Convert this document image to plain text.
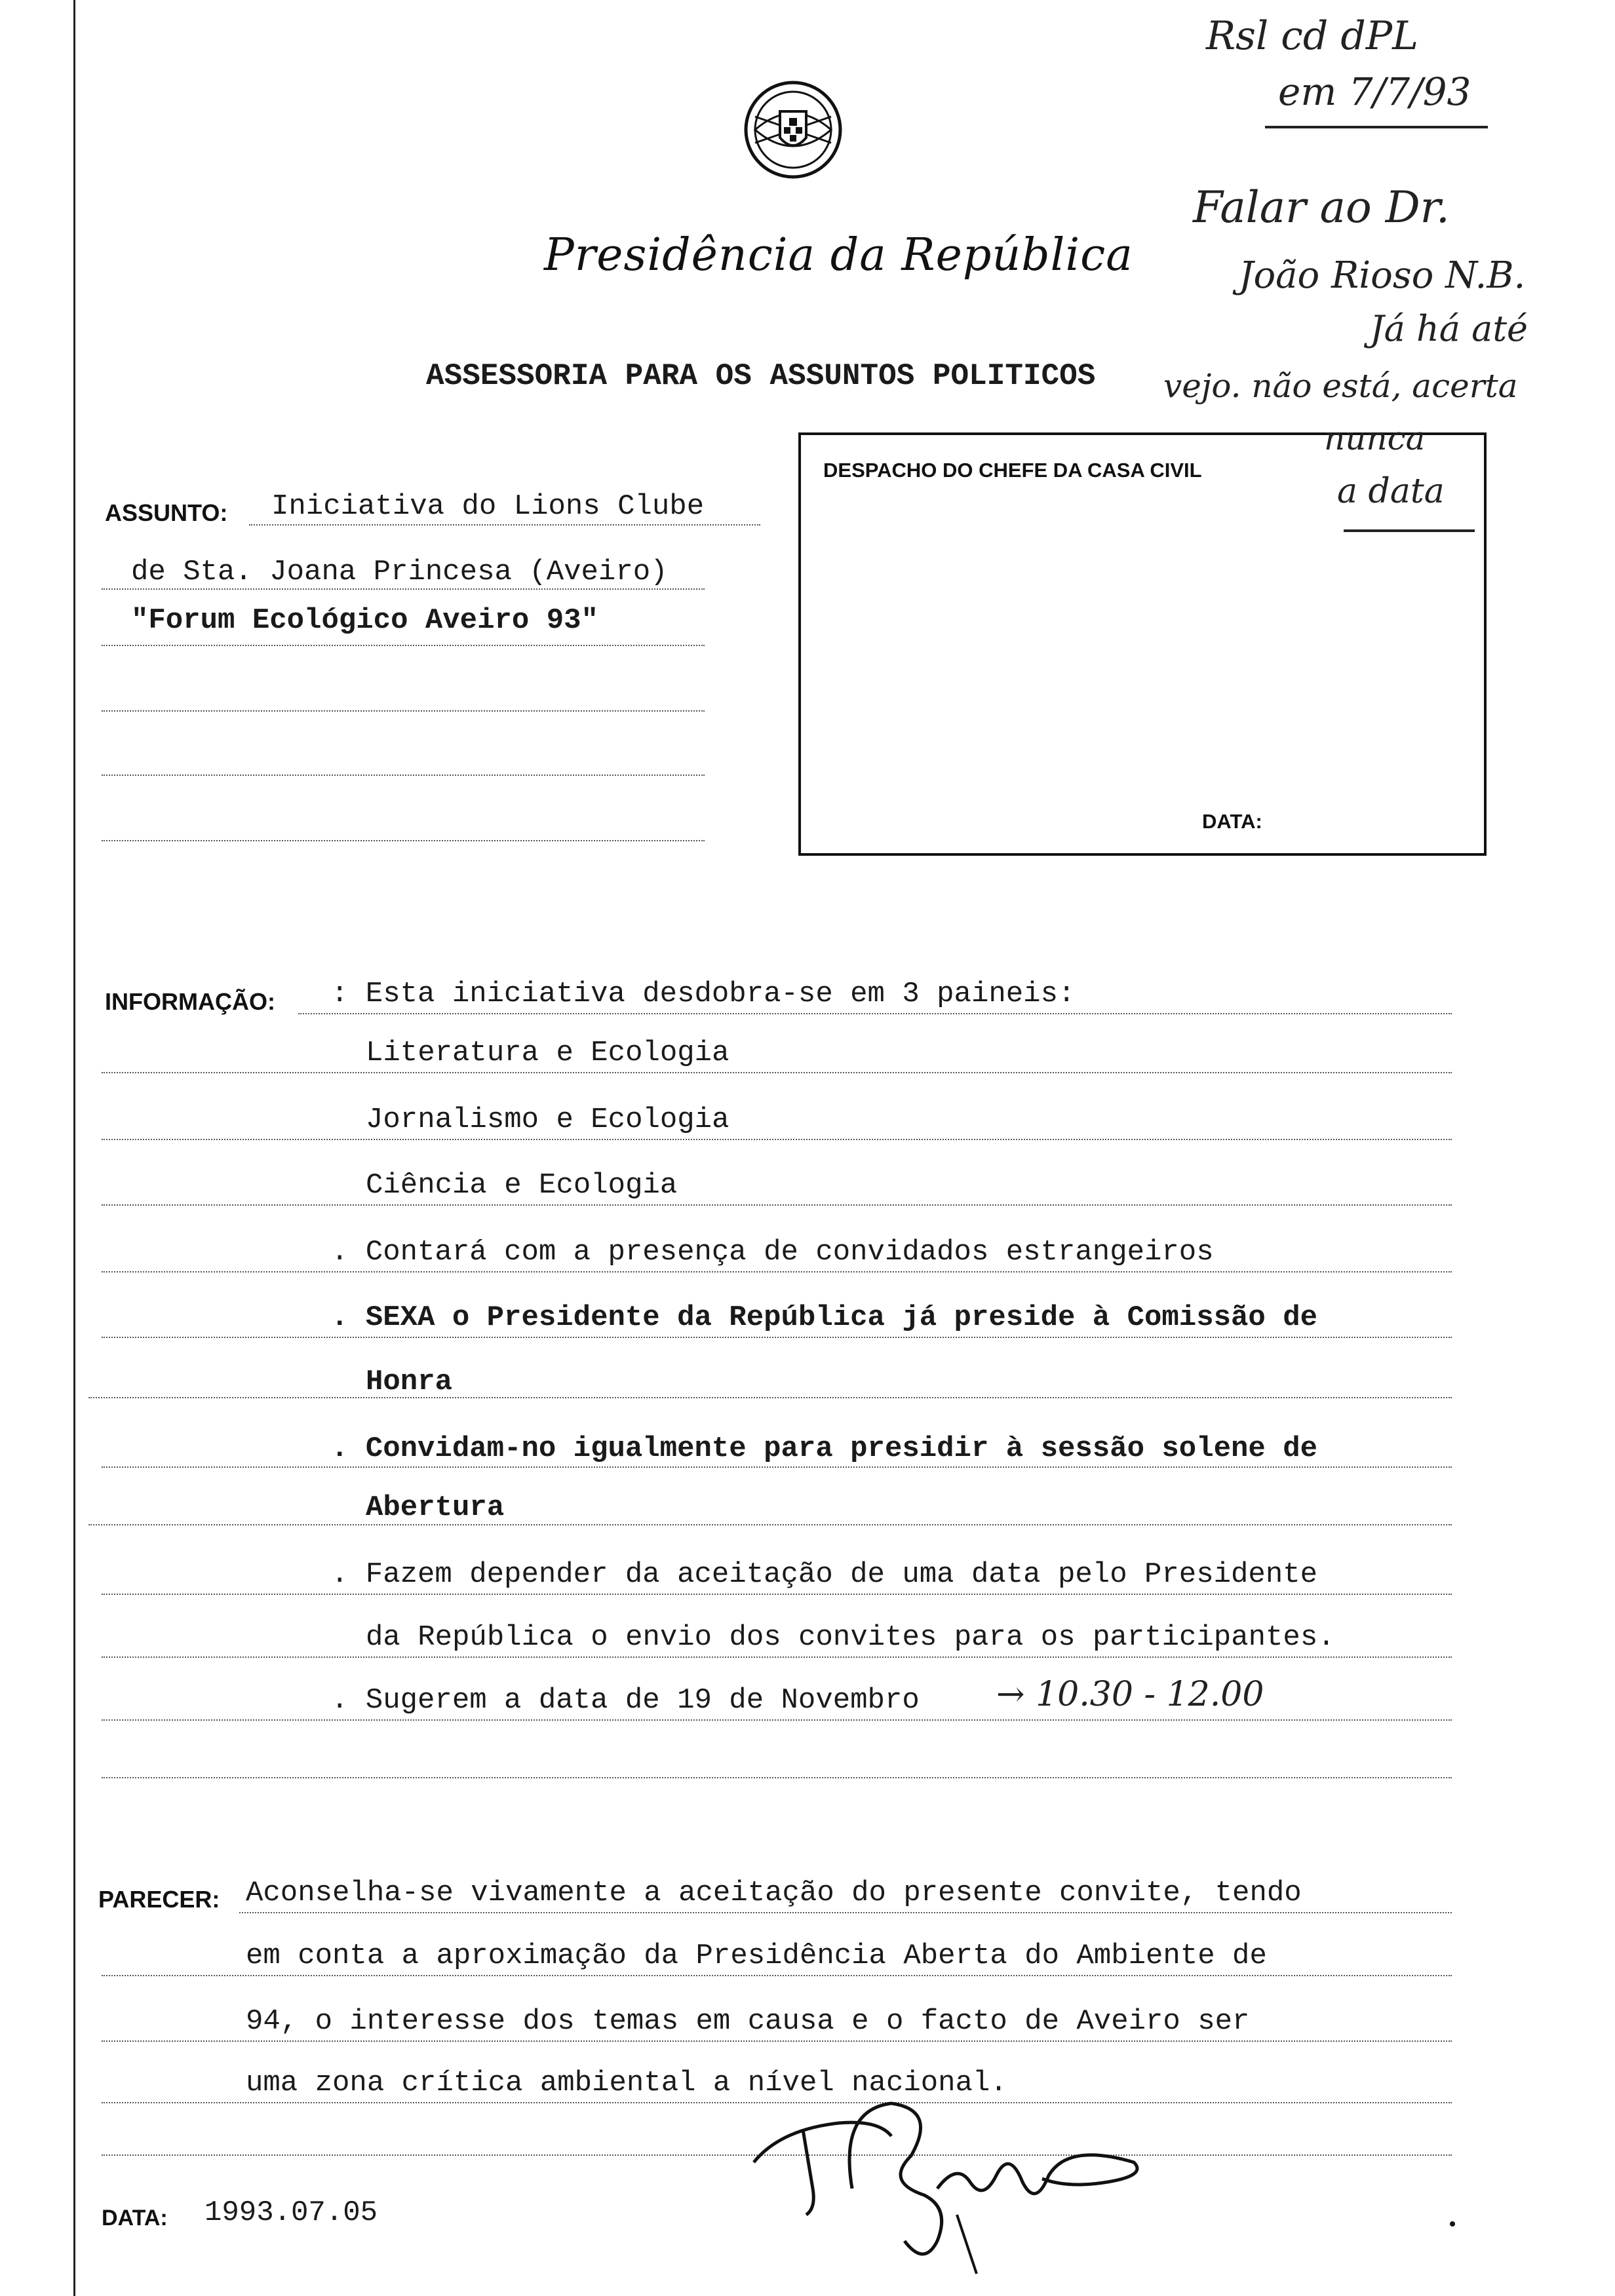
Presidência da República
ASSESSORIA PARA OS ASSUNTOS POLITICOS
DESPACHO DO CHEFE DA CASA CIVIL
DATA:
ASSUNTO: Iniciativa do Lions Clube
de Sta. Joana Princesa (Aveiro)
"Forum Ecológico Aveiro 93"
INFORMAÇÃO: : Esta iniciativa desdobra-se em 3 paineis:
Literatura e Ecologia
Jornalismo e Ecologia
Ciência e Ecologia
. Contará com a presença de convidados estrangeiros
. SEXA o Presidente da República já preside à Comissão de
Honra
. Convidam-no igualmente para presidir à sessão solene de
Abertura
. Fazem depender da aceitação de uma data pelo Presidente
da República o envio dos convites para os participantes.
. Sugerem a data de 19 de Novembro → 10.30 - 12.00
PARECER: Aconselha-se vivamente a aceitação do presente convite, tendo
em conta a aproximação da Presidência Aberta do Ambiente de
94, o interesse dos temas em causa e o facto de Aveiro ser
uma zona crítica ambiental a nível nacional.
DATA: 1993.07.05
Rsl cd dPL
em 7/7/93
Falar ao Dr.
João Rioso N.B.
Já há até
vejo. não está, acerta
nunca
a data
